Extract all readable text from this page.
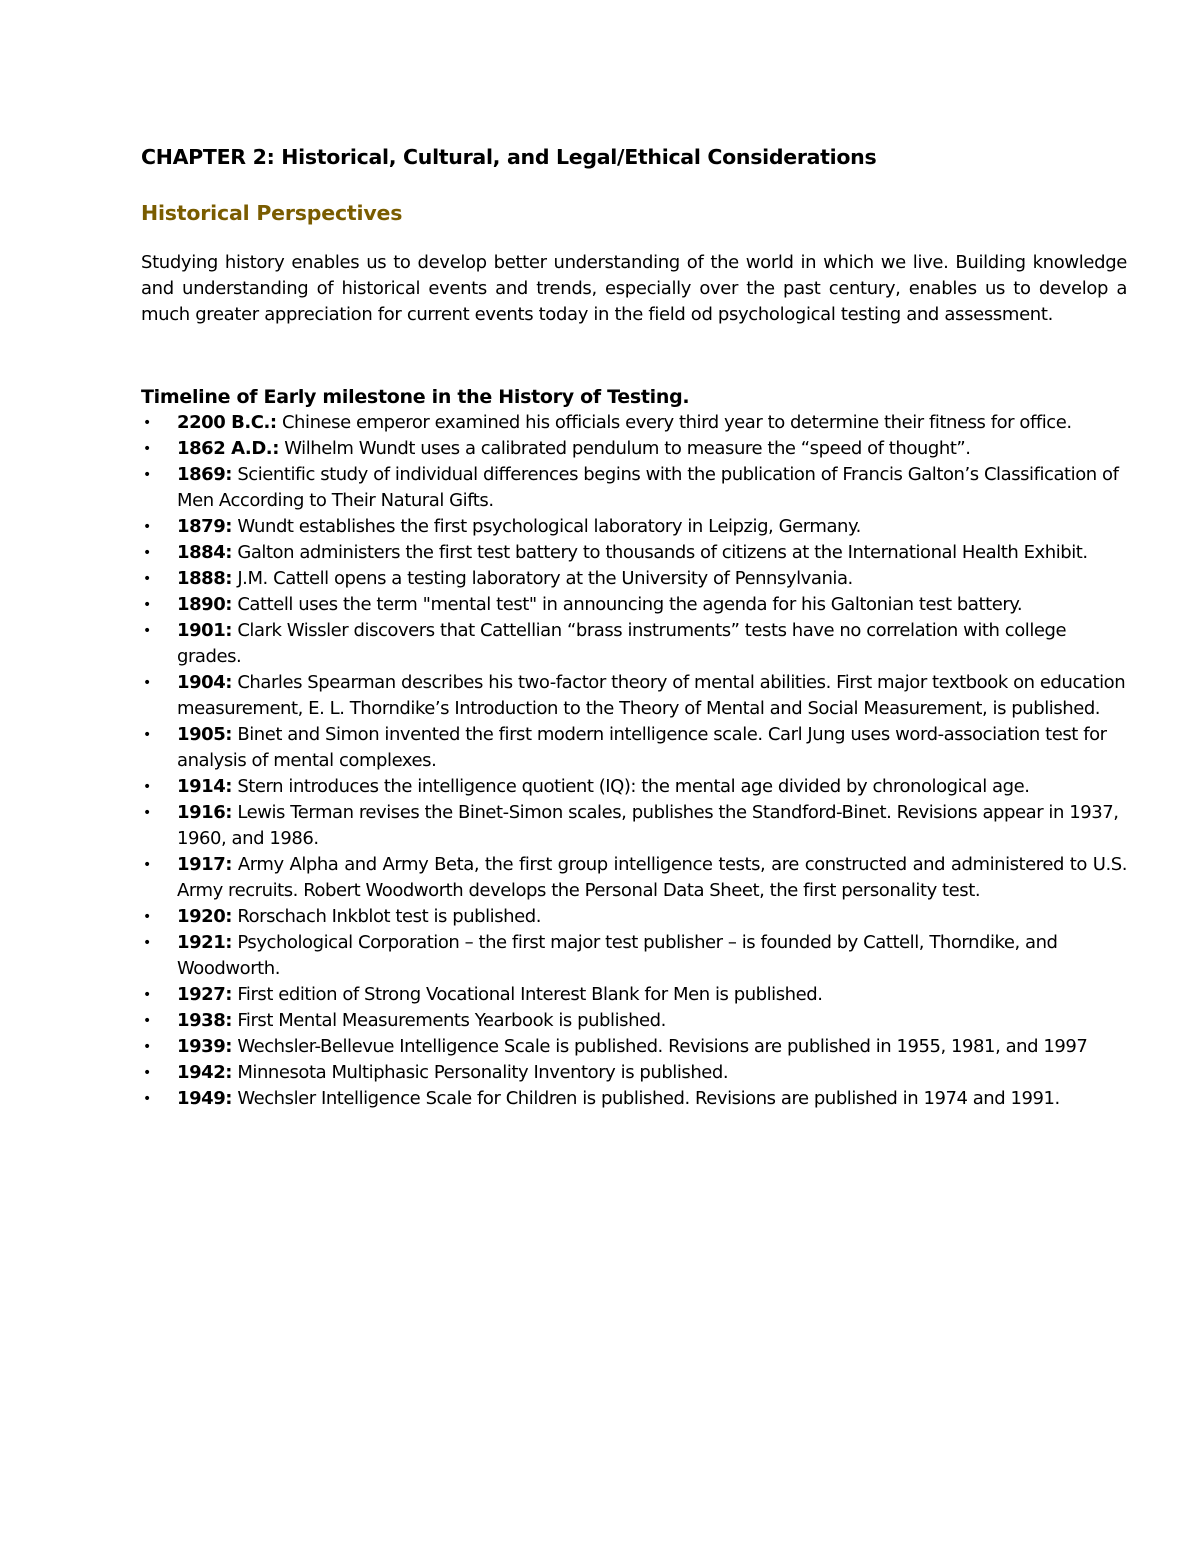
CHAPTER 2: Historical, Cultural, and Legal/Ethical Considerations
Historical Perspectives

Studying history enables us to develop better understanding of the world in which we live. Building knowledge and understanding of historical events and trends, especially over the past century, enables us to develop a much greater appreciation for current events today in the field od psychological testing and assessment.

Timeline of Early milestone in the History of Testing.
• 2200 B.C.: Chinese emperor examined his officials every third year to determine their fitness for office.
• 1862 A.D.: Wilhelm Wundt uses a calibrated pendulum to measure the “speed of thought”.
• 1869: Scientific study of individual differences begins with the publication of Francis Galton’s Classification of Men According to Their Natural Gifts.
• 1879: Wundt establishes the first psychological laboratory in Leipzig, Germany.
• 1884: Galton administers the first test battery to thousands of citizens at the International Health Exhibit.
• 1888: J.M. Cattell opens a testing laboratory at the University of Pennsylvania.
• 1890: Cattell uses the term "mental test" in announcing the agenda for his Galtonian test battery.
• 1901: Clark Wissler discovers that Cattellian “brass instruments” tests have no correlation with college grades.
• 1904: Charles Spearman describes his two-factor theory of mental abilities. First major textbook on education measurement, E. L. Thorndike’s Introduction to the Theory of Mental and Social Measurement, is published.
• 1905: Binet and Simon invented the first modern intelligence scale. Carl Jung uses word-association test for analysis of mental complexes.
• 1914: Stern introduces the intelligence quotient (IQ): the mental age divided by chronological age.
• 1916: Lewis Terman revises the Binet-Simon scales, publishes the Standford-Binet. Revisions appear in 1937, 1960, and 1986.
• 1917: Army Alpha and Army Beta, the first group intelligence tests, are constructed and administered to U.S. Army recruits. Robert Woodworth develops the Personal Data Sheet, the first personality test.
• 1920: Rorschach Inkblot test is published.
• 1921: Psychological Corporation – the first major test publisher – is founded by Cattell, Thorndike, and Woodworth.
• 1927: First edition of Strong Vocational Interest Blank for Men is published.
• 1938: First Mental Measurements Yearbook is published.
• 1939: Wechsler-Bellevue Intelligence Scale is published. Revisions are published in 1955, 1981, and 1997
• 1942: Minnesota Multiphasic Personality Inventory is published.
• 1949: Wechsler Intelligence Scale for Children is published. Revisions are published in 1974 and 1991.
